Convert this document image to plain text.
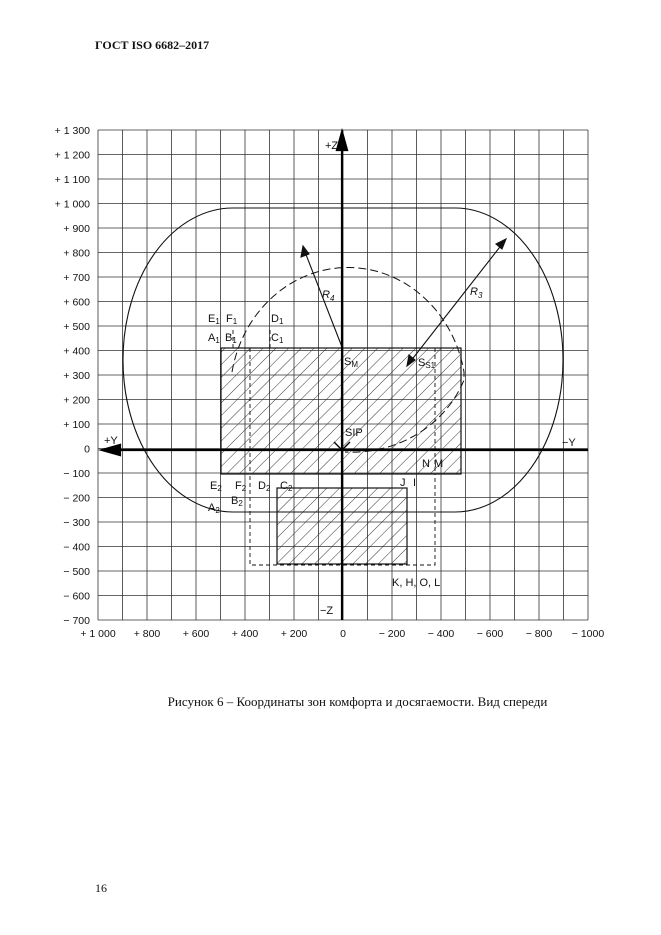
ГОСТ ISO 6682–2017
+Z
−Z
+Y	−Y
+ 1 300
+ 1 200
+ 1 100
+ 1 000
+ 900
+ 800
+ 700
+ 600
+ 500
+ 400
+ 300
+ 200
+ 100
0
− 100
− 200
− 300
− 400
− 500
− 600
− 700
+ 1 000 + 800 + 600 + 400 + 200	0	− 200 − 400 − 600 − 800 − 1000
$R_4$
$R_3$
SM	SS1
SIP
E1 F1	D1
A1 B1	C1
E2 F2 D2 C2
B2
A2
N M
J I
K, H, O, L
Рисунок 6 – Координаты зон комфорта и досягаемости. Вид спереди
16
